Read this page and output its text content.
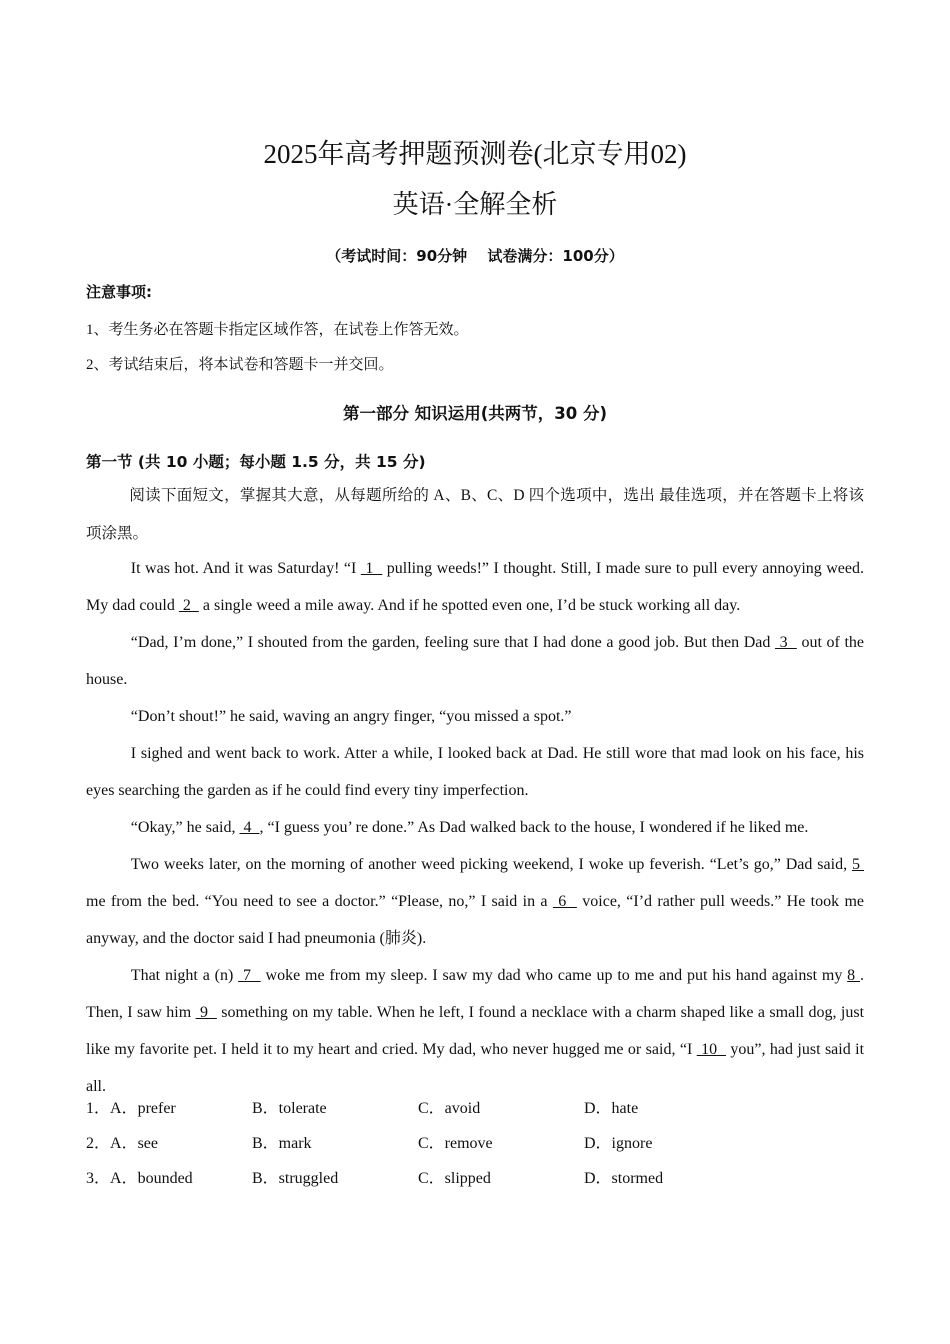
2025年高考押题预测卷(北京专用02)
英语·全解全析
（考试时间：90分钟　 试卷满分：100分）
注意事项:
1、考生务必在答题卡指定区域作答，在试卷上作答无效。
2、考试结束后，将本试卷和答题卡一并交回。
第一部分 知识运用(共两节，30 分)
第一节 (共 10 小题；每小题 1.5 分，共 15 分)

阅读下面短文，掌握其大意，从每题所给的 A、B、C、D 四个选项中，选出 最佳选项，并在答题卡上将该项涂黑。

It was hot. And it was Saturday! “I  1   pulling weeds!” I thought. Still, I made sure to pull every annoying weed. My dad could  2   a single weed a mile away. And if he spotted even one, I’d be stuck working all day.

“Dad, I’m done,” I shouted from the garden, feeling sure that I had done a good job. But then Dad  3   out of the house.

“Don’t shout!” he said, waving an angry finger, “you missed a spot.”

I sighed and went back to work. Atter a while, I looked back at Dad. He still wore that mad look on his face, his eyes searching the garden as if he could find every tiny imperfection.

“Okay,” he said,  4  , “I guess you’ re done.” As Dad walked back to the house, I wondered if he liked me.

Two weeks later, on the morning of another weed picking weekend, I woke up feverish. “Let’s go,” Dad said, 5  me from the bed. “You need to see a doctor.” “Please, no,” I said in a  6   voice, “I’d rather pull weeds.” He took me anyway, and the doctor said I had pneumonia (肺炎).

That night a (n)  7   woke me from my sleep. I saw my dad who came up to me and put his hand against my 8 . Then, I saw him  9   something on my table. When he left, I found a necklace with a charm shaped like a small dog, just like my favorite pet. I held it to my heart and cried. My dad, who never hugged me or said, “I  10   you”, had just said it all.

1．A．prefer	B．tolerate	C．avoid	D．hate
2．A．see	B．mark	C．remove	D．ignore
3．A．bounded	B．struggled	C．slipped	D．stormed
